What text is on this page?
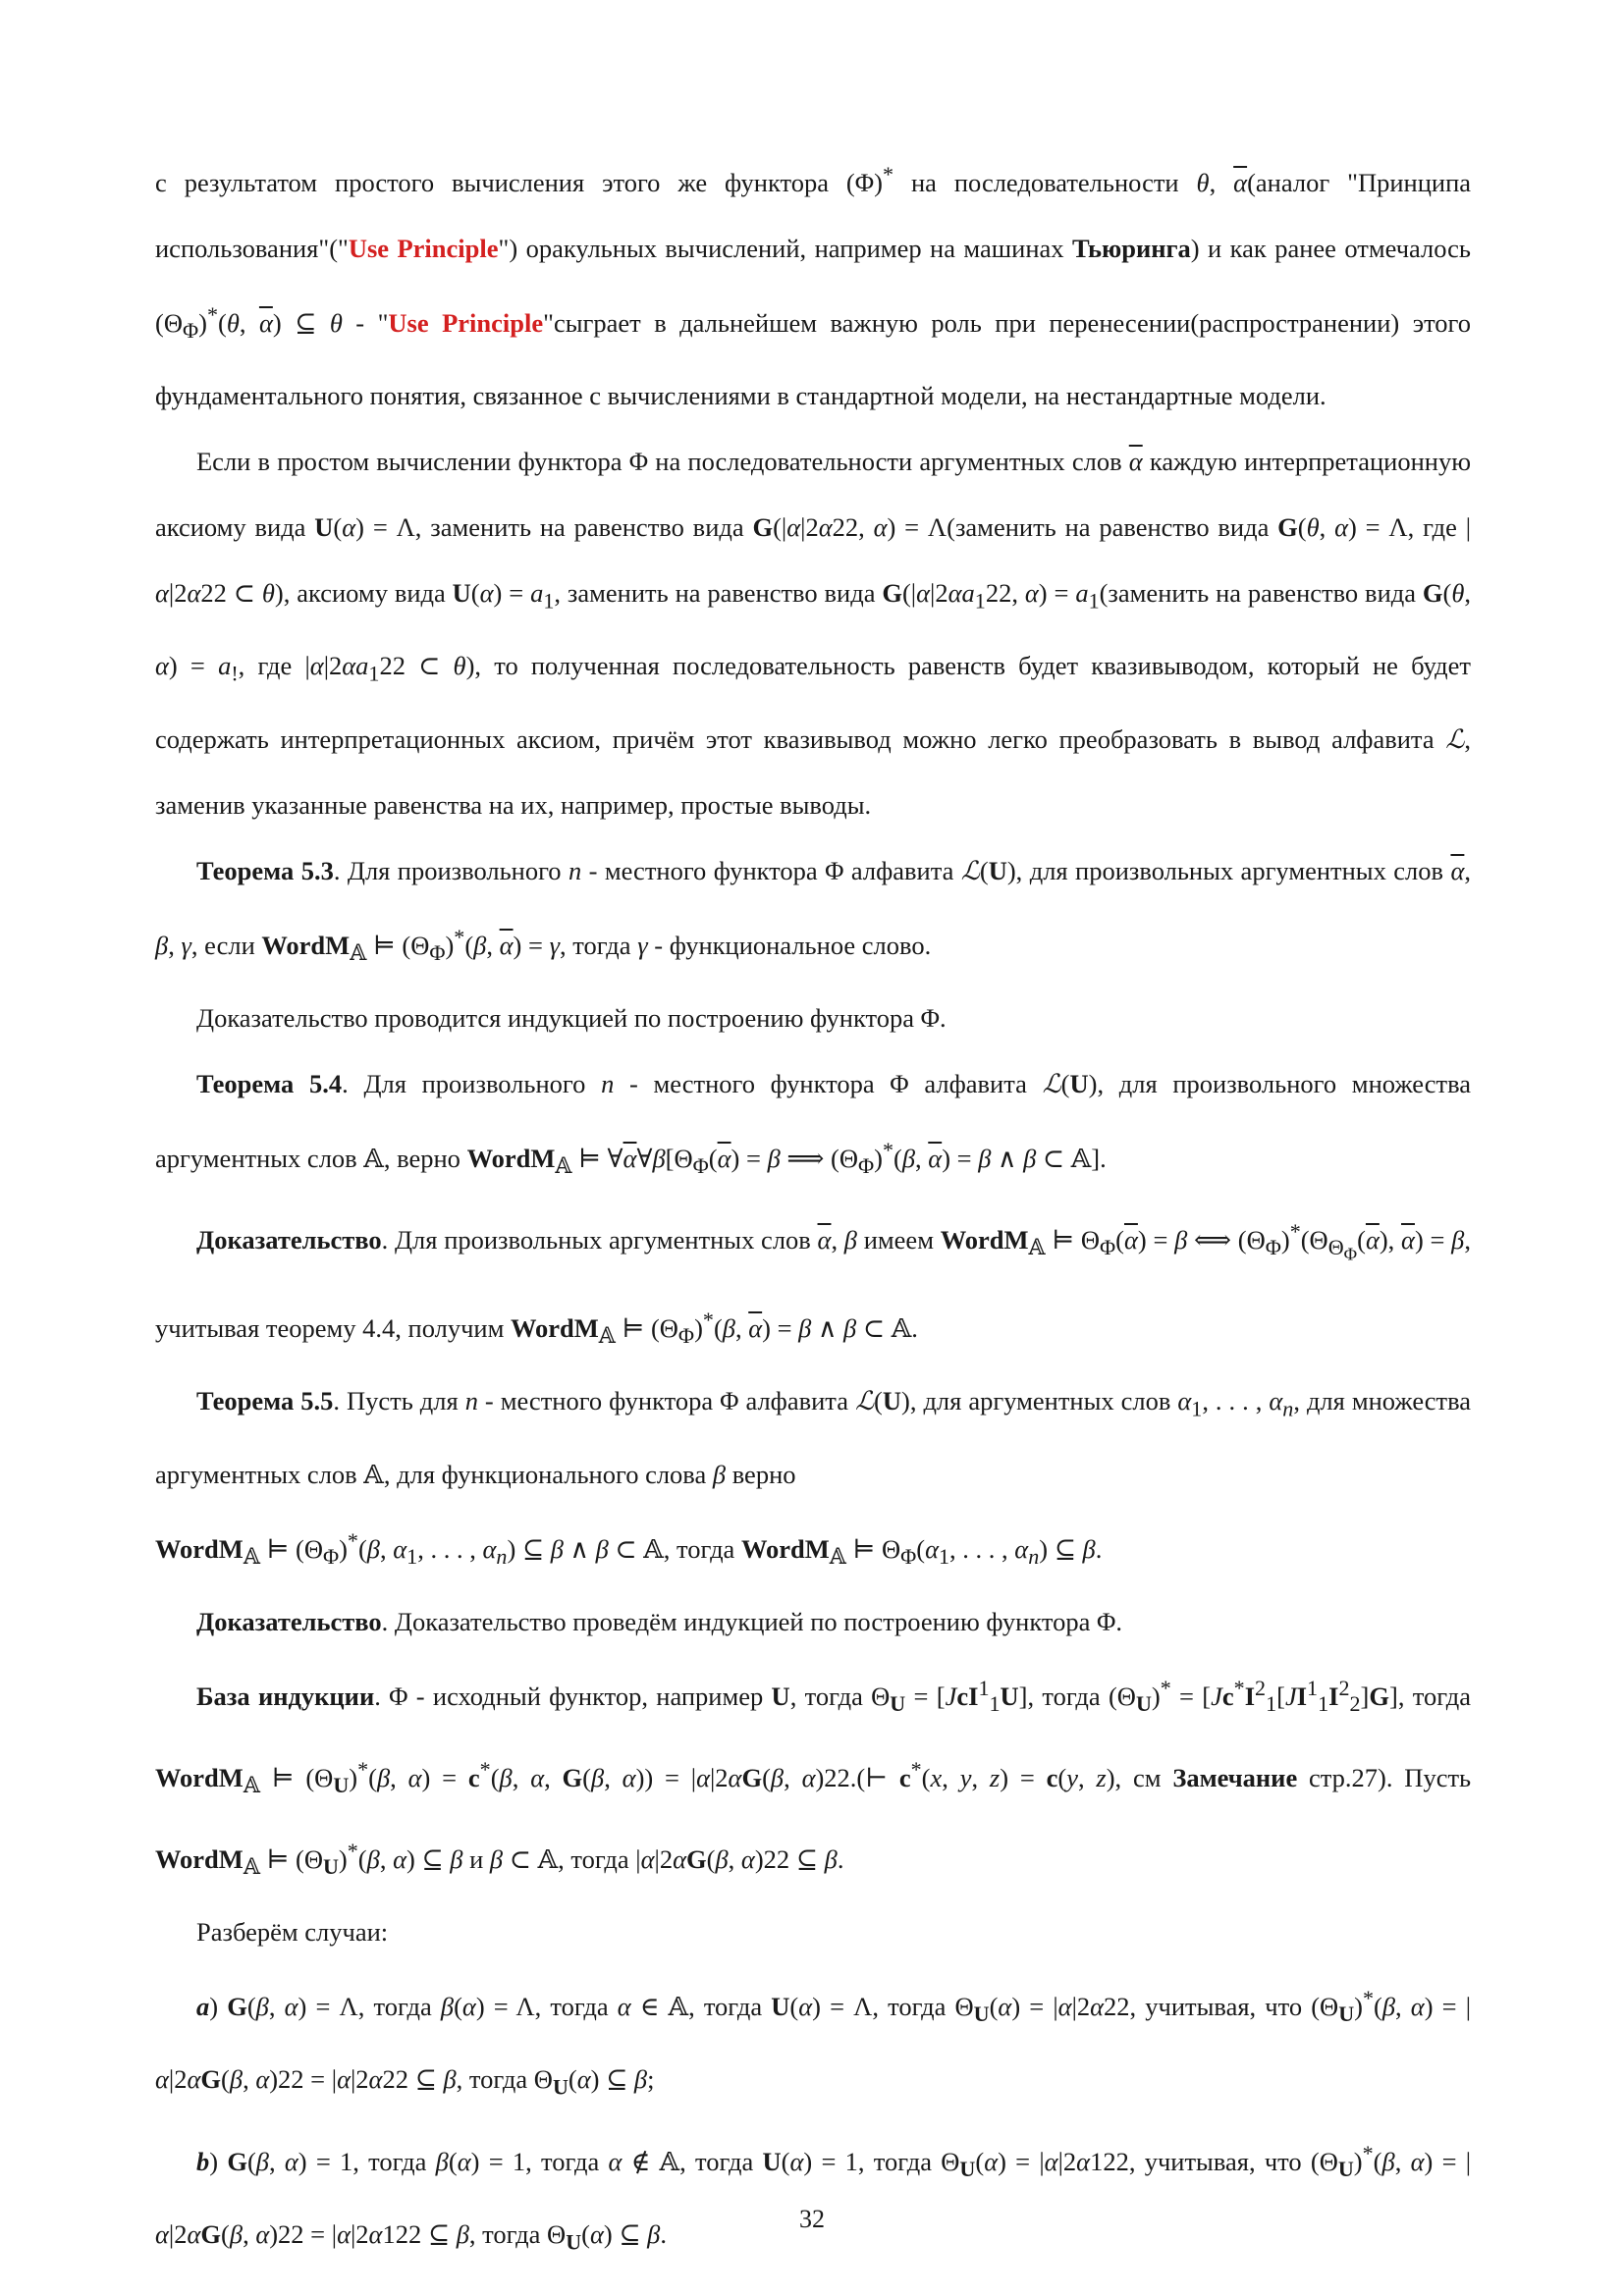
с результатом простого вычисления этого же функтора (Φ)* на последовательности θ, $\overline{\alpha}(аналог$ "Принципа использования"("Use Principle") оракульных вычислений, например на машинах Тьюринга) и как ранее отмечалось $(\Theta_\Phi)^*(\theta$, $\overline{\alpha}$) ⊆ θ - "Use Principle"сыграет в дальнейшем важную роль при перенесении(распространении) этого фундаментального понятия, связанное с вычислениями в стандартной модели, на нестандартные модели.

Если в простом вычислении функтора Φ на последовательности аргументных слов $\overline{\alpha}$ каждую интерпретационную аксиому вида U(α) = Λ, заменить на равенство вида G(|α|2α22, α) = Λ(заменить на равенство вида G(θ, α) = Λ, где |α|2α22 ⊂ θ), аксиому вида $U(\alpha) = a_1$, заменить на равенство вида $G(|\alpha|2\alpha a_122$, $\alpha) = a_1(заменить$ на равенство вида G(θ, $\alpha) = a_!$, где $|\alpha|2\alpha a_122$ ⊂ θ), то полученная последовательность равенств будет квазивыводом, который не будет содержать интерпретационных аксиом, причём этот квазивывод можно легко преобразовать в вывод алфавита ℒ, заменив указанные равенства на их, например, простые выводы.

Теорема 5.3. Для произвольного n - местного функтора Φ алфавита ℒ(U), для произвольных аргументных слов $\overline{\alpha}$, β, γ, если WordM$_𝔸$ ⊨ $(\Theta_\Phi)^*(\beta$, $\overline{\alpha}) = \gamma$, тогда γ - функциональное слово.

Доказательство проводится индукцией по построению функтора Φ.

Теорема 5.4. Для произвольного n - местного функтора Φ алфавита ℒ(U), для произвольного множества аргументных слов 𝔸, верно WordM$_𝔸$ ⊨ $\forall\overline{\alpha}\forall\beta[\Theta_\Phi(\overline{\alpha}) = \beta$ ⟹ $(\Theta_\Phi)^*(\beta$, $\overline{\alpha}) = \beta$ ∧ β ⊂ 𝔸].

Доказательство. Для произвольных аргументных слов $\overline{\alpha}$, β имеем WordM$_𝔸$ ⊨ $\Theta_\Phi(\overline{\alpha}) = \beta$ ⟺ $(\Theta_\Phi)^*(\Theta_{\Theta_\Phi}(\overline{\alpha})$, $\overline{\alpha}) = \beta$, учитывая теорему 4.4, получим WordM$_𝔸$ ⊨ $(\Theta_\Phi)^*(\beta$, $\overline{\alpha}) = \beta$ ∧ β ⊂ 𝔸.

Теорема 5.5. Пусть для n - местного функтора Φ алфавита ℒ(U), для аргументных слов $\alpha_1$, . . . , $\alpha_n$, для множества аргументных слов 𝔸, для функционального слова β верно
WordM$_𝔸$ ⊨ $(\Theta_\Phi)^*(\beta$, $\alpha_1$, . . . , $\alpha_n$) ⊆ β ∧ β ⊂ 𝔸, тогда WordM$_𝔸$ ⊨ $\Theta_\Phi(\alpha_1$, . . . , $\alpha_n$) ⊆ β.

Доказательство. Доказательство проведём индукцией по построению функтора Φ.

База индукции. Φ - исходный функтор, например U, тогда $\Theta_U = [JcI^1_1U]$, тогда $(\Theta_U)^* = [Jc^*I^2_1[JI^1_1I^2_2]G]$, тогда WordM$_𝔸$ ⊨ $(\Theta_U)^*(\beta$, α) = c*(β, α, G(β, α)) = |α|2αG(β, α)22.(⊢ c*(x, y, z) = c(y, z), см Замечание стр.27). Пусть WordM$_𝔸$ ⊨ $(\Theta_U)^*(\beta$, α) ⊆ β и β ⊂ 𝔸, тогда |α|2αG(β, α)22 ⊆ β.

Разберём случаи:

a) G(β, α) = Λ, тогда β(α) = Λ, тогда α ∈ 𝔸, тогда U(α) = Λ, тогда $\Theta_U(\alpha) = |\alpha|2\alpha 22$, учитывая, что $(\Theta_U)^*(\beta$, α) = |α|2αG(β, α)22 = |α|2α22 ⊆ β, тогда $\Theta_U(\alpha)$ ⊆ β;

b) G(β, α) = 1, тогда β(α) = 1, тогда α ∉ 𝔸, тогда U(α) = 1, тогда $\Theta_U(\alpha) = |\alpha|2\alpha 122$, учитывая, что $(\Theta_U)^*(\beta$, α) = |α|2αG(β, α)22 = |α|2α122 ⊆ β, тогда $\Theta_U(\alpha)$ ⊆ β.

32
